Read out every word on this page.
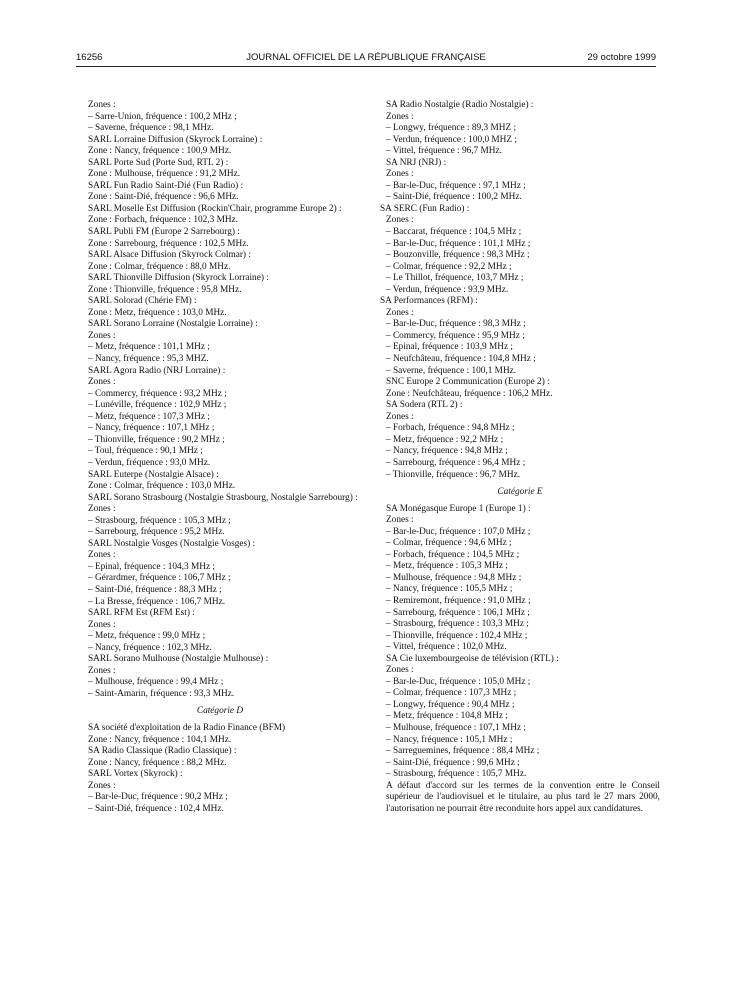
16256	JOURNAL OFFICIEL DE LA RÉPUBLIQUE FRANÇAISE	29 octobre 1999
Zones :
– Sarre-Union, fréquence : 100,2 MHz ;
– Saverne, fréquence : 98,1 MHz.
SARL Lorraine Diffusion (Skyrock Lorraine) :
Zone : Nancy, fréquence : 100,9 MHz.
SARL Porte Sud (Porte Sud, RTL 2) :
Zone : Mulhouse, fréquence : 91,2 MHz.
SARL Fun Radio Saint-Dié (Fun Radio) :
Zone : Saint-Dié, fréquence : 96,6 MHz.
SARL Moselle Est Diffusion (Rockin'Chair, programme Europe 2) :
Zone : Forbach, fréquence : 102,3 MHz.
SARL Publi FM (Europe 2 Sarrebourg) :
Zone : Sarrebourg, fréquence : 102,5 MHz.
SARL Alsace Diffusion (Skyrock Colmar) :
Zone : Colmar, fréquence : 88,0 MHz.
SARL Thionville Diffusion (Skyrock Lorraine) :
Zone : Thionville, fréquence : 95,8 MHz.
SARL Solorad (Chérie FM) :
Zone : Metz, fréquence : 103,0 MHz.
SARL Sorano Lorraine (Nostalgie Lorraine) :
Zones :
– Metz, fréquence : 101,1 MHz ;
– Nancy, fréquence : 95,3 MHZ.
SARL Agora Radio (NRJ Lorraine) :
Zones :
– Commercy, fréquence : 93,2 MHz ;
– Lunéville, fréquence : 102,9 MHz ;
– Metz, fréquence : 107,3 MHz ;
– Nancy, fréquence : 107,1 MHz ;
– Thionville, fréquence : 90,2 MHz ;
– Toul, fréquence : 90,1 MHz ;
– Verdun, fréquence : 93,0 MHz.
SARL Euterpe (Nostalgie Alsace) :
Zone : Colmar, fréquence : 103,0 MHz.
SARL Sorano Strasbourg (Nostalgie Strasbourg, Nostalgie Sarrebourg) :
Zones :
– Strasbourg, fréquence : 105,3 MHz ;
– Sarrebourg, fréquence : 95,2 MHz.
SARL Nostalgie Vosges (Nostalgie Vosges) :
Zones :
– Epinal, fréquence : 104,3 MHz ;
– Gérardmer, fréquence : 106,7 MHz ;
– Saint-Dié, fréquence : 88,3 MHz ;
– La Bresse, fréquence : 106,7 MHz.
SARL RFM Est (RFM Est) :
Zones :
– Metz, fréquence : 99,0 MHz ;
– Nancy, fréquence : 102,3 MHz.
SARL Sorano Mulhouse (Nostalgie Mulhouse) :
Zones :
– Mulhouse, fréquence : 99,4 MHz ;
– Saint-Amarin, fréquence : 93,3 MHz.
Catégorie D
SA société d'exploitation de la Radio Finance (BFM)
Zone : Nancy, fréquence : 104,1 MHz.
SA Radio Classique (Radio Classique) :
Zone : Nancy, fréquence : 88,2 MHz.
SARL Vortex (Skyrock) :
Zones :
– Bar-le-Duc, fréquence : 90,2 MHz ;
– Saint-Dié, fréquence : 102,4 MHz.
SA Radio Nostalgie (Radio Nostalgie) :
Zones :
– Longwy, fréquence : 89,3 MHZ ;
– Verdun, fréquence : 100,0 MHZ ;
– Vittel, fréquence : 96,7 MHz.
SA NRJ (NRJ) :
Zones :
– Bar-le-Duc, fréquence : 97,1 MHz ;
– Saint-Dié, fréquence : 100,2 MHz.
SA SERC (Fun Radio) :
Zones :
– Baccarat, fréquence : 104,5 MHz ;
– Bar-le-Duc, fréquence : 101,1 MHz ;
– Bouzonville, fréquence : 98,3 MHz ;
– Colmar, fréquence : 92,2 MHz ;
– Le Thillot, fréquence, 103,7 MHz ;
– Verdun, fréquence : 93,9 MHz.
SA Performances (RFM) :
Zones :
– Bar-le-Duc, fréquence : 98,3 MHz ;
– Commercy, fréquence : 95,9 MHz ;
– Epinal, fréquence : 103,9 MHz ;
– Neufchâteau, fréquence : 104,8 MHz ;
– Saverne, fréquence : 100,1 MHz.
SNC Europe 2 Communication (Europe 2) :
Zone : Neufchâteau, fréquence : 106,2 MHz.
SA Sodera (RTL 2) :
Zones :
– Forbach, fréquence : 94,8 MHz ;
– Metz, fréquence : 92,2 MHz ;
– Nancy, fréquence : 94,8 MHz ;
– Sarrebourg, fréquence : 96,4 MHz ;
– Thionville, fréquence : 96,7 MHz.
Catégorie E
SA Monégasque Europe 1 (Europe 1) :
Zones :
– Bar-le-Duc, fréquence : 107,0 MHz ;
– Colmar, fréquence : 94,6 MHz ;
– Forbach, fréquence : 104,5 MHz ;
– Metz, fréquence : 105,3 MHz ;
– Mulhouse, fréquence : 94,8 MHz ;
– Nancy, fréquence : 105,5 MHz ;
– Remiremont, fréquence : 91,0 MHz ;
– Sarrebourg, fréquence : 106,1 MHz ;
– Strasbourg, fréquence : 103,3 MHz ;
– Thionville, fréquence : 102,4 MHz ;
– Vittel, fréquence : 102,0 MHz.
SA Cie luxembourgeoise de télévision (RTL) :
Zones :
– Bar-le-Duc, fréquence : 105,0 MHz ;
– Colmar, fréquence : 107,3 MHz ;
– Longwy, fréquence : 90,4 MHz ;
– Metz, fréquence : 104,8 MHz ;
– Mulhouse, fréquence : 107,1 MHz ;
– Nancy, fréquence : 105,1 MHz ;
– Sarreguemines, fréquence : 88,4 MHz ;
– Saint-Dié, fréquence : 99,6 MHz ;
– Strasbourg, fréquence : 105,7 MHz.
A défaut d'accord sur les termes de la convention entre le Conseil supérieur de l'audiovisuel et le titulaire, au plus tard le 27 mars 2000, l'autorisation ne pourrait être reconduite hors appel aux candidatures.
